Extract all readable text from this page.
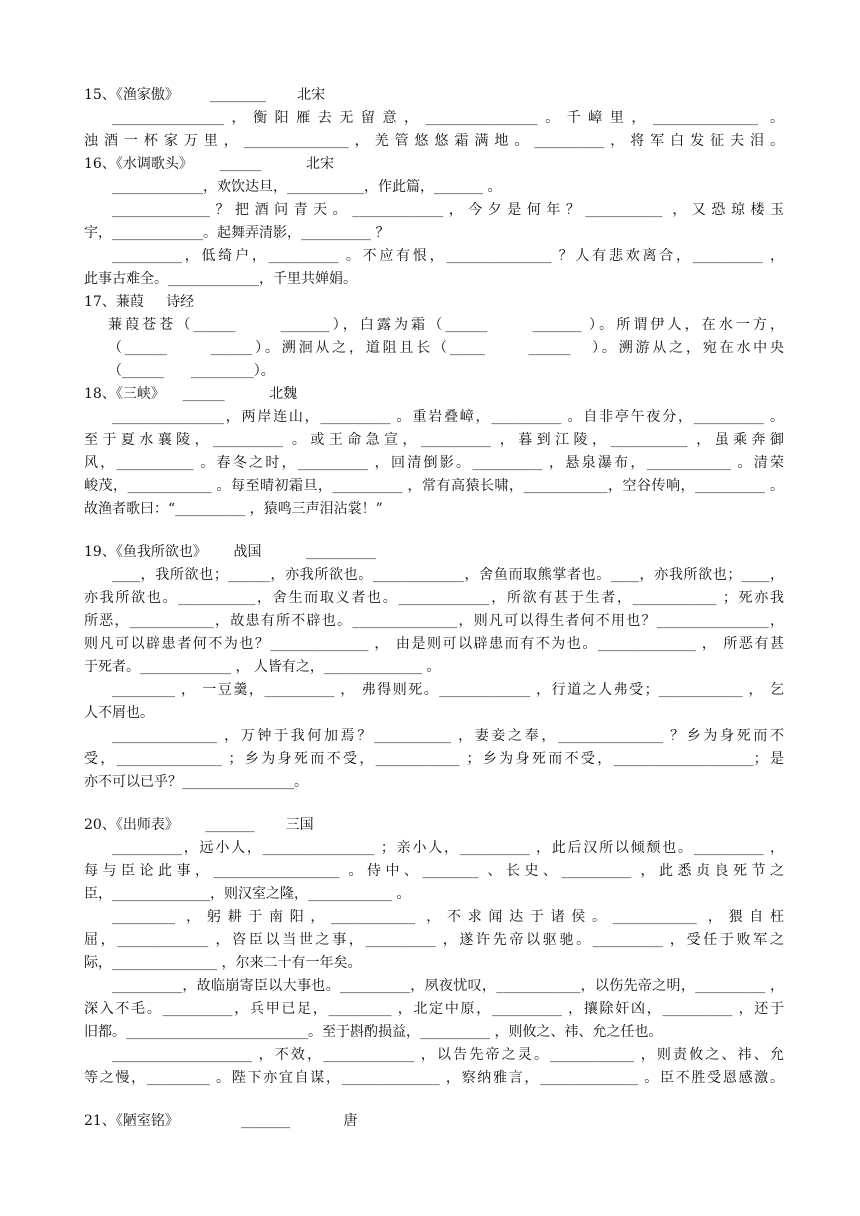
15、《渔家傲》       ________       北宋
________________，衡阳雁去无留意，________________。千嶂里，_______________ 。
浊酒一杯家万里，_______________，羌管悠悠霜满地。__________，将军白发征夫泪。
16、《水调歌头》      ______          北宋
_____________，欢饮达旦，___________，作此篇，_______ 。
______________？把酒问青天。_____________，今夕是何年？___________ ，又恐琼楼玉
宇，_____________。起舞弄清影，__________ ？
__________，低绮户，__________ 。不应有恨，_______________ ？人有悲欢离合，__________ ，
此事古难全。_____________，千里共婵娟。
17、蒹葭     诗经
蒹葭苍苍（______      _______），白露为霜（______      _______ ）。所谓伊人，在水一方，
（______      ______）。溯洄从之，道阻且长（_____      ______   ）。溯游从之，宛在水中央
（______      _________）。
18、《三峡》    ______          北魏
________________，两岸连山，__________ 。重岩叠嶂，__________ 。自非亭午夜分，__________ 。
至于夏水襄陵，__________ 。或王命急宣，__________ ，暮到江陵，___________ ，虽乘奔御
风，___________ 。春冬之时，__________ ，回清倒影。__________ ，悬泉瀑布，____________ 。清荣
峻茂，____________ 。每至晴初霜旦，__________ ，常有高猿长啸，____________，空谷传响，__________ 。
故渔者歌曰：“__________ ，猿鸣三声泪沾裳！”
19、《鱼我所欲也》      战国          __________
____，我所欲也；______，亦我所欲也。_____________，舍鱼而取熊掌者也。____，亦我所欲也；____，
亦我所欲也。___________，舍生而取义者也。_____________，所欲有甚于生者，____________ ；死亦我
所恶，____________，故患有所不辟也。_______________，则凡可以得生者何不用也？________________，
则凡可以辟患者何不为也？______________ ， 由是则可以辟患而有不为也。______________ ， 所恶有甚
于死者。_____________ ， 人皆有之，______________ 。
_________ ， 一豆羹，__________ ， 弗得则死。_____________ ，行道之人弗受；____________ ， 乞
人不屑也。
_______________ ，万钟于我何加焉？___________ ，妻妾之奉，_______________ ？乡为身死而不
受，_______________ ；乡为身死而不受，____________ ；乡为身死而不受，____________________；是
亦不可以已乎？________________。
20、《出师表》      _______       三国
__________，远小人，________________ ；亲小人，__________ ，此后汉所以倾颓也。__________ ，
每与臣论此事，__________________ 。侍中、________ 、长史、__________ ，此悉贞良死节之
臣，______________，则汉室之隆，____________ 。
_________ ，躬耕于南阳，____________ ，不求闻达于诸侯。____________ ，猥自枉
屈，_____________ ，咨臣以当世之事，__________ ，遂许先帝以驱驰。__________ ，受任于败军之
际，_______________ ，尔来二十有一年矣。
__________，故临崩寄臣以大事也。__________，夙夜忧叹，____________，以伤先帝之明，__________ ，
深入不毛。__________，兵甲已足，_________ ，北定中原，__________ ，攘除奸凶，__________ ，还于
旧都。__________________________。至于斟酌损益，__________ ，则攸之、祎、允之任也。
____________________ ，不效，_____________ ，以告先帝之灵。____________ ，则责攸之、祎、允
等之慢，_________ 。陛下亦宜自谋，______________ ，察纳雅言，______________ 。臣不胜受恩感激。
21、《陋室铭》              _______            唐
